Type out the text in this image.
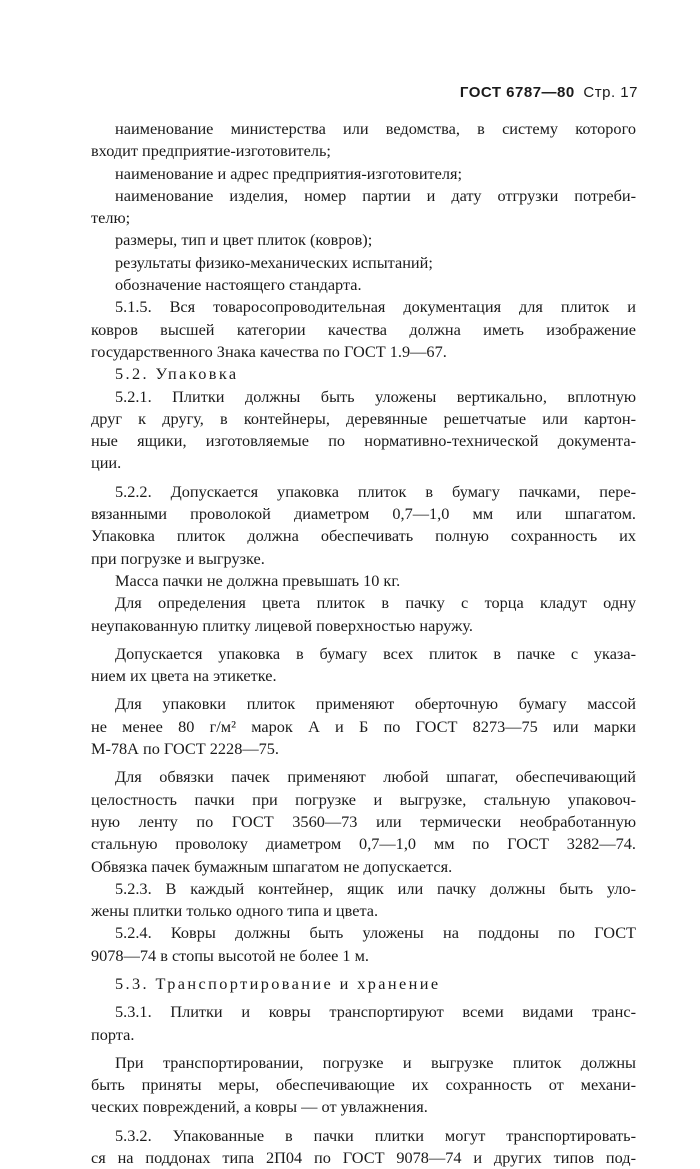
ГОСТ 6787—80 Стр. 17
наименование министерства или ведомства, в систему которого
входит предприятие-изготовитель;
наименование и адрес предприятия-изготовителя;
наименование изделия, номер партии и дату отгрузки потреби-
телю;
размеры, тип и цвет плиток (ковров);
результаты физико-механических испытаний;
обозначение настоящего стандарта.
5.1.5. Вся товаросопроводительная документация для плиток и
ковров высшей категории качества должна иметь изображение
государственного Знака качества по ГОСТ 1.9—67.
5.2. Упаковка
5.2.1. Плитки должны быть уложены вертикально, вплотную
друг к другу, в контейнеры, деревянные решетчатые или картон-
ные ящики, изготовляемые по нормативно-технической документа-
ции.
5.2.2. Допускается упаковка плиток в бумагу пачками, пере-
вязанными проволокой диаметром 0,7—1,0 мм или шпагатом.
Упаковка плиток должна обеспечивать полную сохранность их
при погрузке и выгрузке.
Масса пачки не должна превышать 10 кг.
Для определения цвета плиток в пачку с торца кладут одну
неупакованную плитку лицевой поверхностью наружу.
Допускается упаковка в бумагу всех плиток в пачке с указа-
нием их цвета на этикетке.
Для упаковки плиток применяют оберточную бумагу массой
не менее 80 г/м² марок А и Б по ГОСТ 8273—75 или марки
М-78А по ГОСТ 2228—75.
Для обвязки пачек применяют любой шпагат, обеспечивающий
целостность пачки при погрузке и выгрузке, стальную упаковоч-
ную ленту по ГОСТ 3560—73 или термически необработанную
стальную проволоку диаметром 0,7—1,0 мм по ГОСТ 3282—74.
Обвязка пачек бумажным шпагатом не допускается.
5.2.3. В каждый контейнер, ящик или пачку должны быть уло-
жены плитки только одного типа и цвета.
5.2.4. Ковры должны быть уложены на поддоны по ГОСТ
9078—74 в стопы высотой не более 1 м.
5.3. Транспортирование и хранение
5.3.1. Плитки и ковры транспортируют всеми видами транс-
порта.
При транспортировании, погрузке и выгрузке плиток должны
быть приняты меры, обеспечивающие их сохранность от механи-
ческих повреждений, а ковры — от увлажнения.
5.3.2. Упакованные в пачки плитки могут транспортировать-
ся на поддонах типа 2П04 по ГОСТ 9078—74 и других типов под-
